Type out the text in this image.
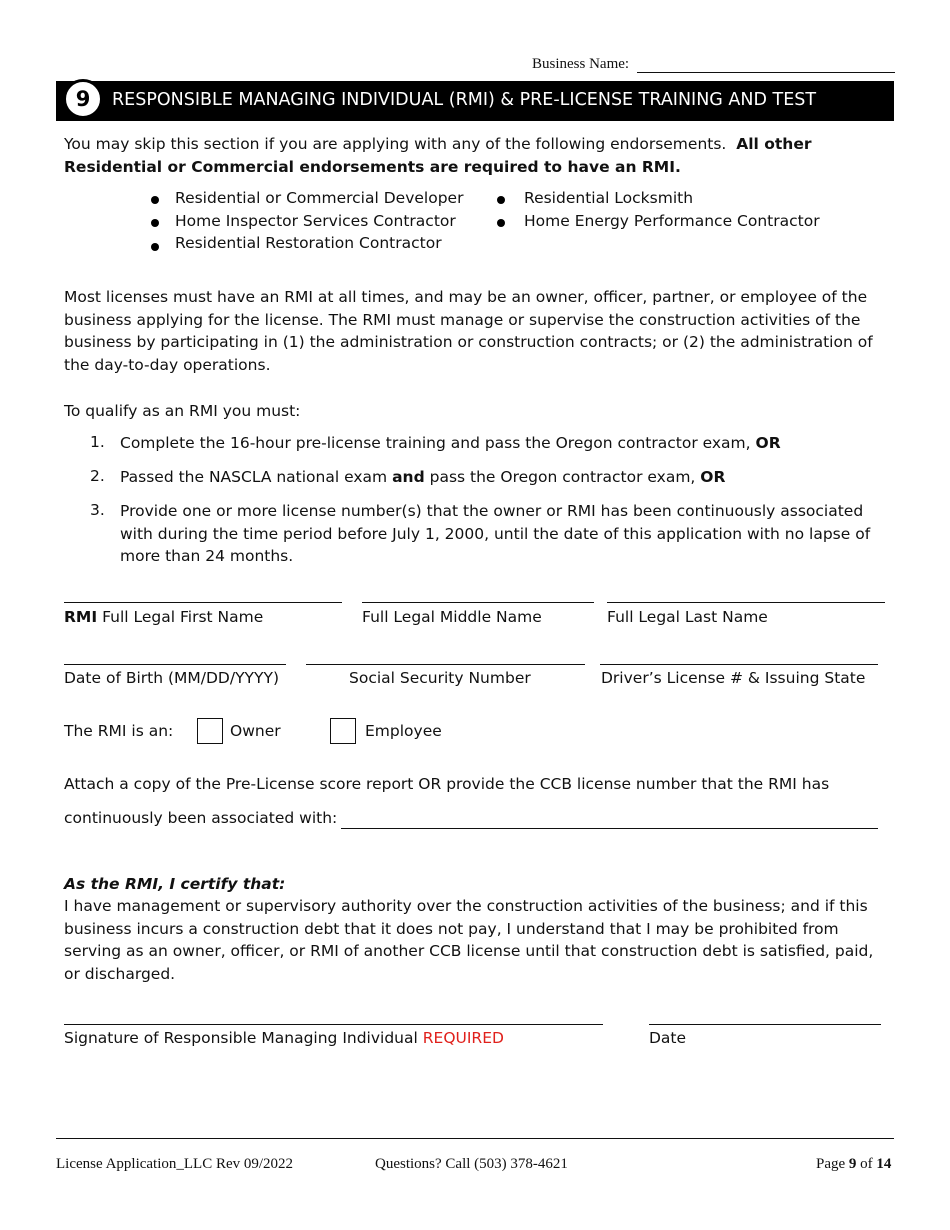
Business Name:
9	RESPONSIBLE MANAGING INDIVIDUAL (RMI) & PRE-LICENSE TRAINING AND TEST
You may skip this section if you are applying with any of the following endorsements. All other Residential or Commercial endorsements are required to have an RMI.
Residential or Commercial Developer
Home Inspector Services Contractor
Residential Restoration Contractor
Residential Locksmith
Home Energy Performance Contractor
Most licenses must have an RMI at all times, and may be an owner, officer, partner, or employee of the business applying for the license. The RMI must manage or supervise the construction activities of the business by participating in (1) the administration or construction contracts; or (2) the administration of the day-to-day operations.
To qualify as an RMI you must:
1. Complete the 16-hour pre-license training and pass the Oregon contractor exam, OR
2. Passed the NASCLA national exam and pass the Oregon contractor exam, OR
3. Provide one or more license number(s) that the owner or RMI has been continuously associated with during the time period before July 1, 2000, until the date of this application with no lapse of more than 24 months.
RMI Full Legal First Name	Full Legal Middle Name	Full Legal Last Name
Date of Birth (MM/DD/YYYY)	Social Security Number	Driver’s License # & Issuing State
The RMI is an:	Owner	Employee
Attach a copy of the Pre-License score report OR provide the CCB license number that the RMI has
continuously been associated with:
As the RMI, I certify that:
I have management or supervisory authority over the construction activities of the business; and if this business incurs a construction debt that it does not pay, I understand that I may be prohibited from serving as an owner, officer, or RMI of another CCB license until that construction debt is satisfied, paid, or discharged.
Signature of Responsible Managing Individual REQUIRED	Date
License Application_LLC Rev 09/2022	Questions? Call (503) 378-4621	Page 9 of 14
